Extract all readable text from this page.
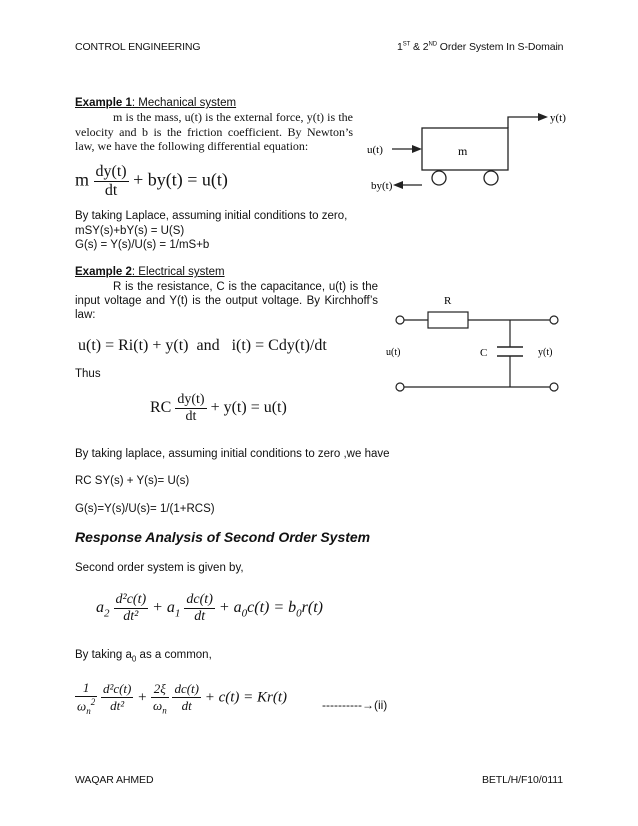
CONTROL ENGINEERING	1ST & 2ND Order System In S-Domain
Example 1: Mechanical system
m is the mass, u(t) is the external force, y(t) is the velocity and b is the friction coefficient. By Newton’s law, we have the following differential equation:
m $\frac{dy(t)}{dt} + by(t) = u(t)$
By taking Laplace, assuming initial conditions to zero,
mSY(s)+bY(s) = U(S)
G(s) = Y(s)/U(s) = 1/mS+b
y(t)
m
u(t)
by(t)
Example 2: Electrical system
R is the resistance, C is the capacitance, u(t) is the input voltage and Y(t) is the output voltage. By Kirchhoff’s law:
u(t) = Ri(t) + y(t)  and   i(t) = Cdy(t)/dt
Thus
RC $\frac{dy(t)}{dt} + y(t) = u(t)$
R
C
u(t)	y(t)
By taking laplace, assuming initial conditions to zero ,we have
RC SY(s) + Y(s)= U(s)
G(s)=Y(s)/U(s)= 1/(1+RCS)
Response Analysis of Second Order System
Second order system is given by,
$a_2 \frac{\text{d²c(t)}}{\text{dt²}} + a_1 \frac{dc(t)}{dt} + a_0c(t) = b_0r(t)$
By taking $a_0$ as a common,
$\frac{1}{\omega_n^2}$
$\frac{\text{d²c(t)}}{\text{dt²}} + \frac{2\xi}{\omega_n}$
$\frac{dc(t)}{dt} + c(t) = Kr(t)$	----------→(ii)
WAQAR AHMED	BETL/H/F10/0111
